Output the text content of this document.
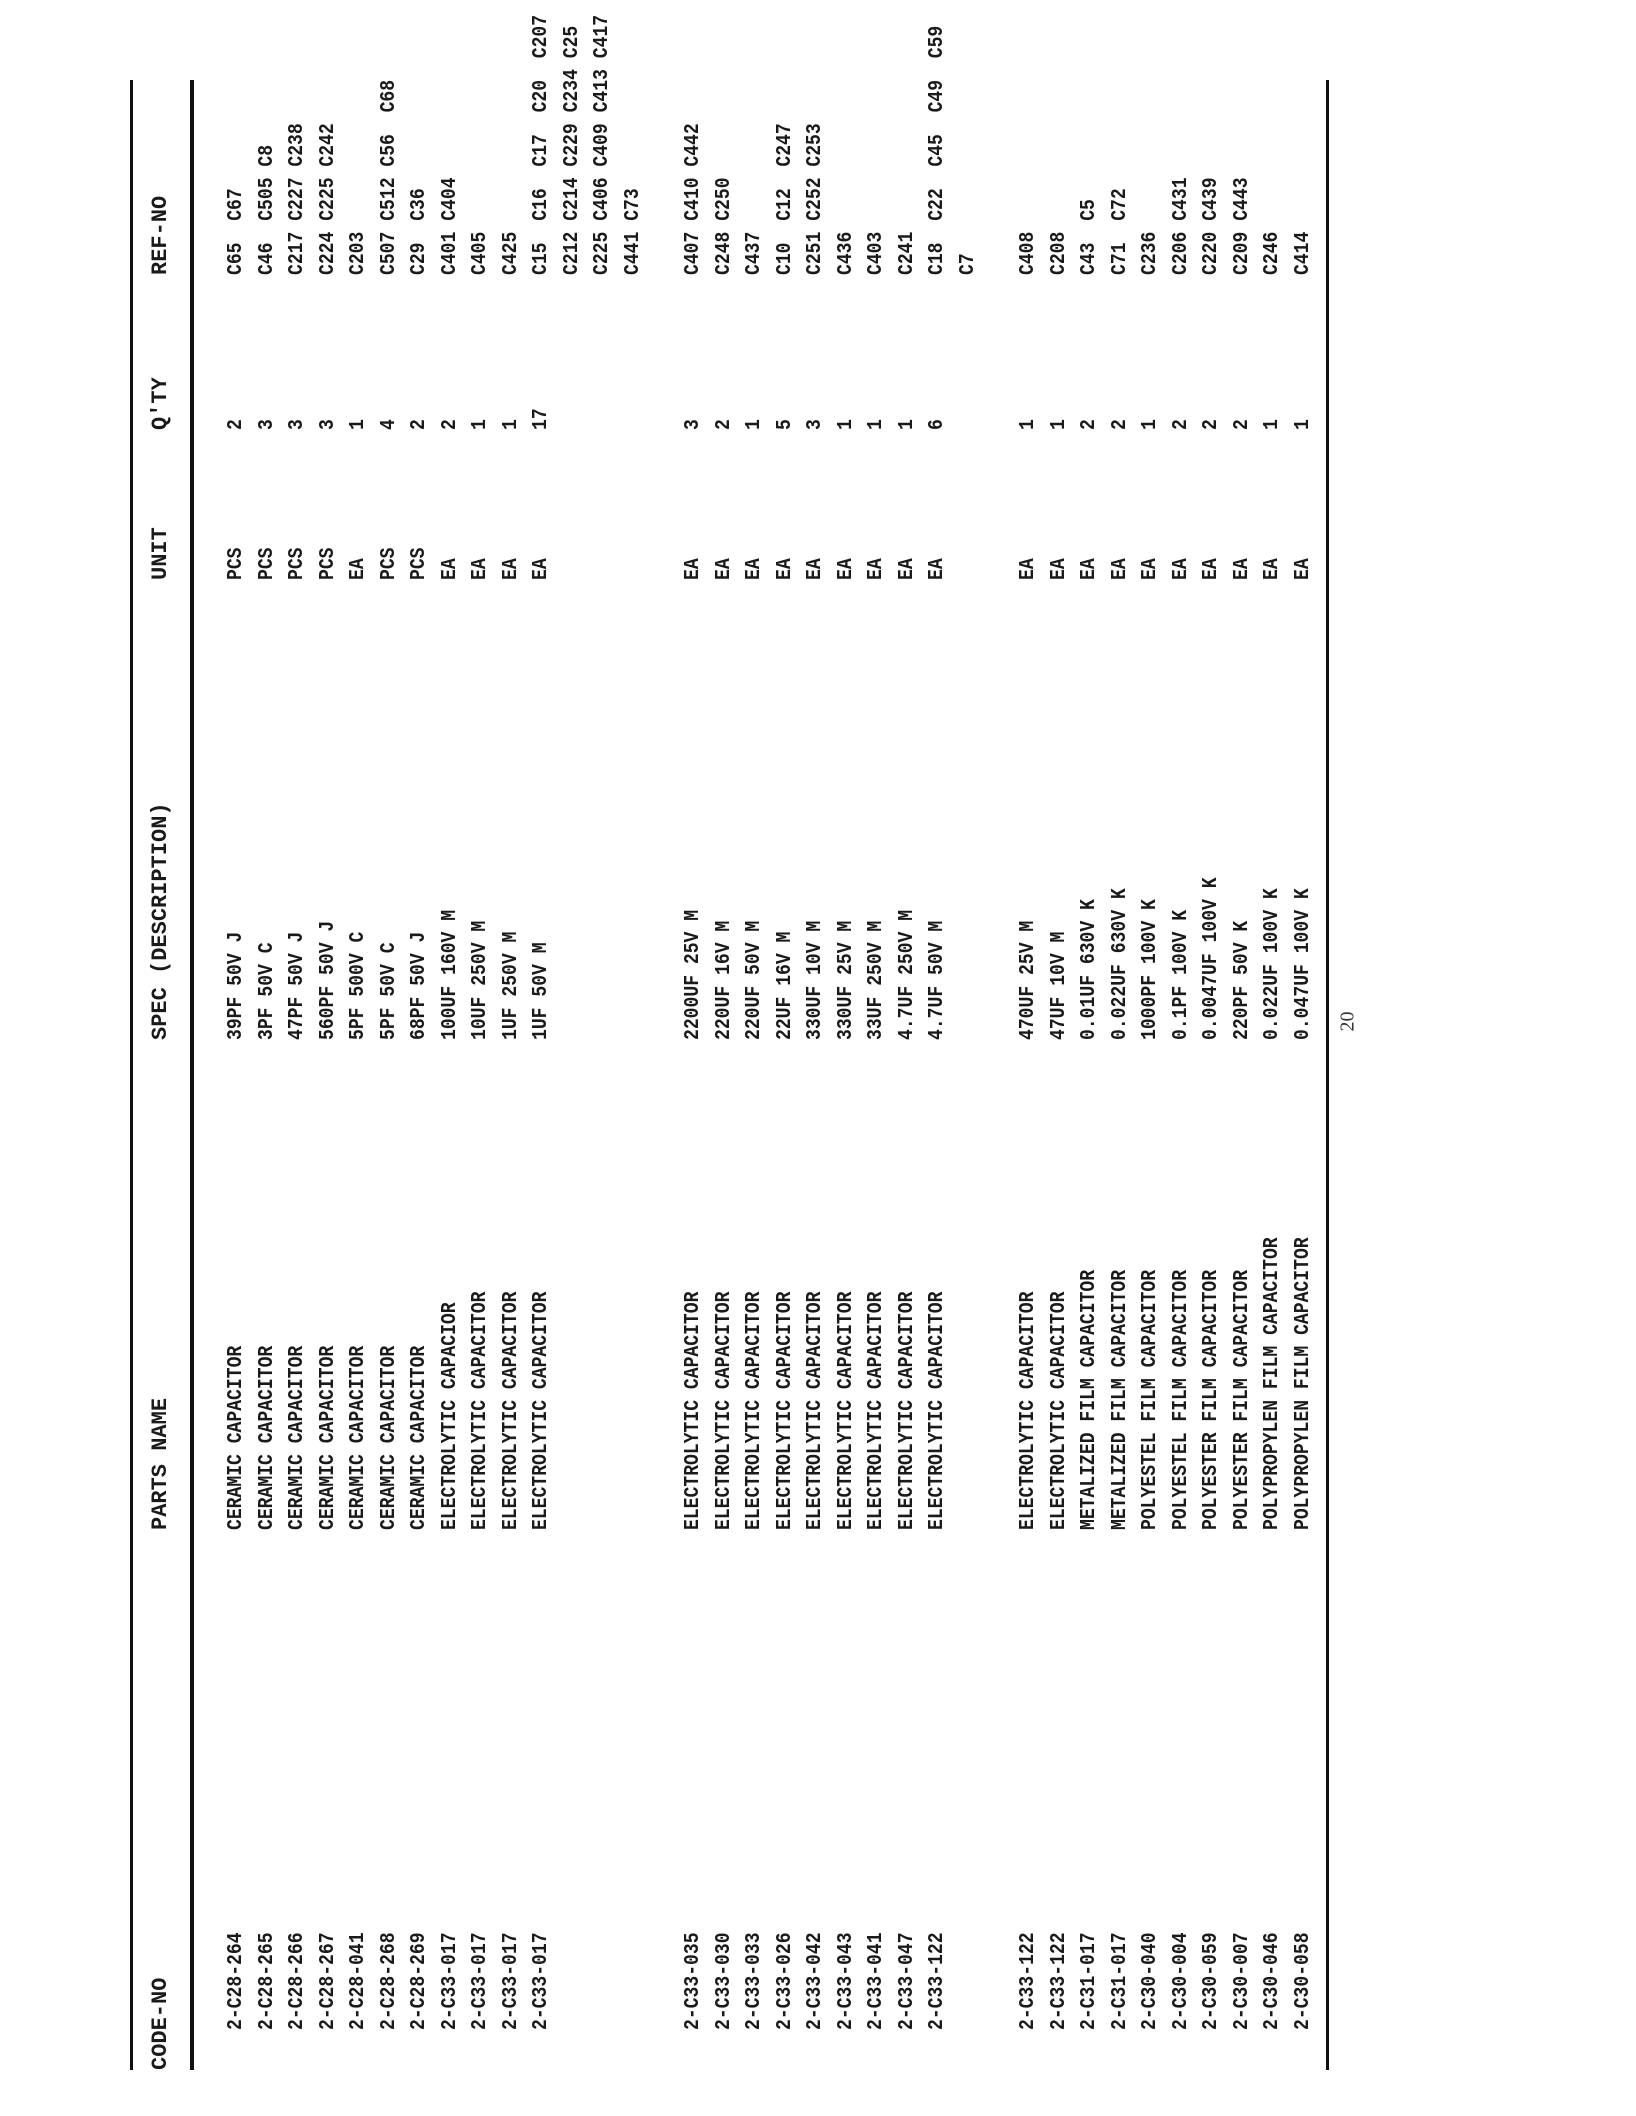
CODE-NO
PARTS NAME
SPEC (DESCRIPTION)
UNIT
Q'TY
REF-NO
2-C28-264
CERAMIC CAPACITOR
39PF 50V J
PCS
2
C65  C67
2-C28-265
CERAMIC CAPACITOR
3PF 50V C
PCS
3
C46  C505 C8
2-C28-266
CERAMIC CAPACITOR
47PF 50V J
PCS
3
C217 C227 C238
2-C28-267
CERAMIC CAPACITOR
560PF 50V J
PCS
3
C224 C225 C242
2-C28-041
CERAMIC CAPACITOR
5PF 500V C
EA
1
C203
2-C28-268
CERAMIC CAPACITOR
5PF 50V C
PCS
4
C507 C512 C56  C68
2-C28-269
CERAMIC CAPACITOR
68PF 50V J
PCS
2
C29  C36
2-C33-017
ELECTROLYTIC CAPACIOR
100UF 160V M
EA
2
C401 C404
2-C33-017
ELECTROLYTIC CAPACITOR
10UF 250V M
EA
1
C405
2-C33-017
ELECTROLYTIC CAPACITOR
1UF 250V M
EA
1
C425
2-C33-017
ELECTROLYTIC CAPACITOR
1UF 50V M
EA
17
C15  C16  C17  C20  C207 C212 C214 C229 C234 C25 C225 C406 C409 C413 C417 C441 C73
2-C33-035
ELECTROLYTIC CAPACITOR
2200UF 25V M
EA
3
C407 C410 C442
2-C33-030
ELECTROLYTIC CAPACITOR
220UF 16V M
EA
2
C248 C250
2-C33-033
ELECTROLYTIC CAPACITOR
220UF 50V M
EA
1
C437
2-C33-026
ELECTROLYTIC CAPACITOR
22UF 16V M
EA
5
C10  C12  C247
2-C33-042
ELECTROLYTIC CAPACITOR
330UF 10V M
EA
3
C251 C252 C253
2-C33-043
ELECTROLYTIC CAPACITOR
330UF 25V M
EA
1
C436
2-C33-041
ELECTROLYTIC CAPACITOR
33UF 250V M
EA
1
C403
2-C33-047
ELECTROLYTIC CAPACITOR
4.7UF 250V M
EA
1
C241
2-C33-122
ELECTROLYTIC CAPACITOR
4.7UF 50V M
EA
6
C18  C22  C45  C49  C59 C7
2-C33-122
ELECTROLYTIC CAPACITOR
470UF 25V M
EA
1
C408
2-C33-122
ELECTROLYTIC CAPACITOR
47UF 10V M
EA
1
C208
2-C31-017
METALIZED FILM CAPACITOR
0.01UF 630V K
EA
2
C43  C5
2-C31-017
METALIZED FILM CAPACITOR
0.022UF 630V K
EA
2
C71  C72
2-C30-040
POLYESTEL FILM CAPACITOR
1000PF 100V K
EA
1
C236
2-C30-004
POLYESTEL FILM CAPACITOR
0.1PF 100V K
EA
2
C206 C431
2-C30-059
POLYESTER FILM CAPACITOR
0.0047UF 100V K
EA
2
C220 C439
2-C30-007
POLYESTER FILM CAPACITOR
220PF 50V K
EA
2
C209 C443
2-C30-046
POLYPROPYLEN FILM CAPACITOR
0.022UF 100V K
EA
1
C246
2-C30-058
POLYPROPYLEN FILM CAPACITOR
0.047UF 100V K
EA
1
C414
20
